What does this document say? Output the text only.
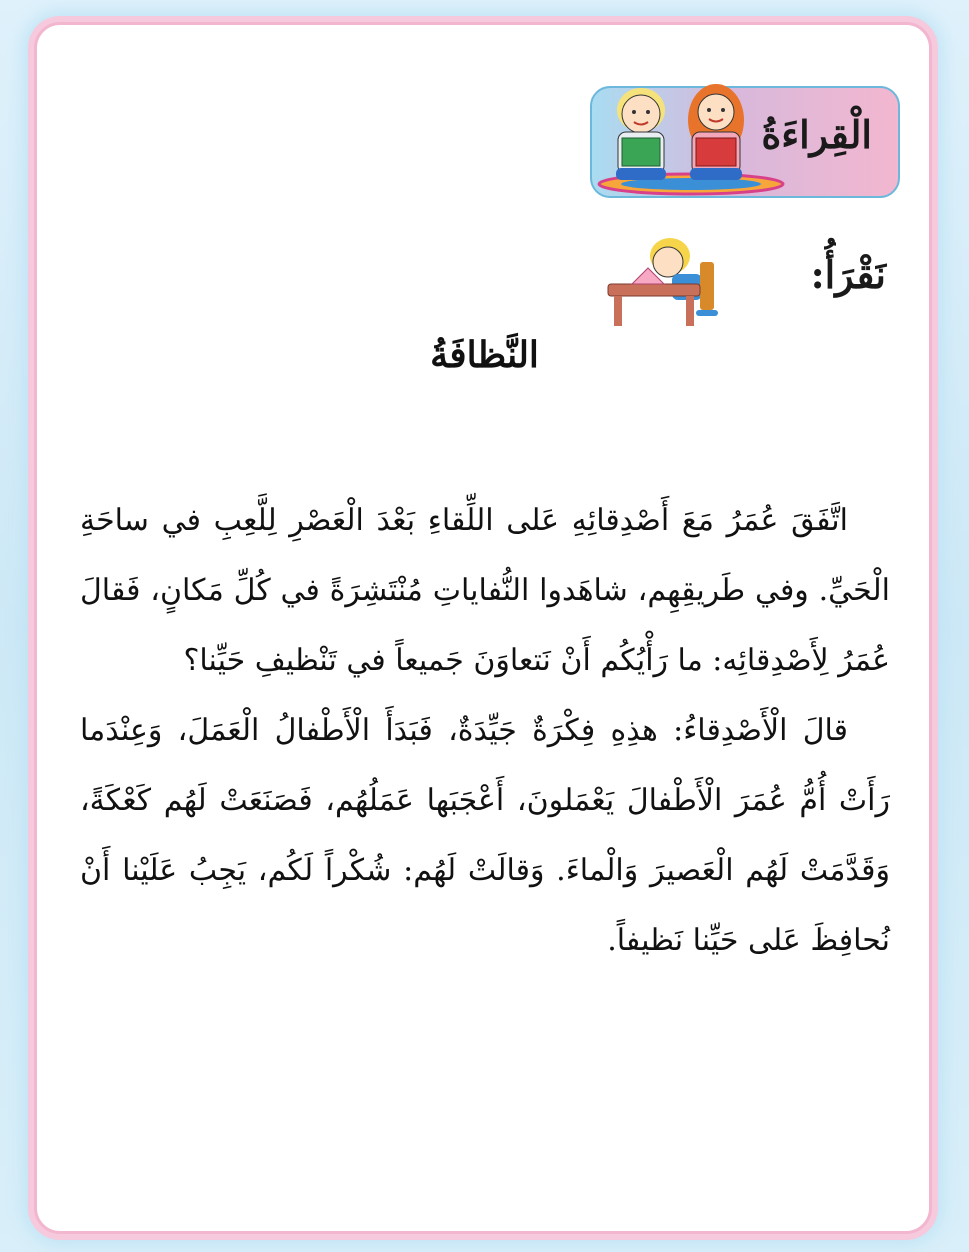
الْقِراءَةُ
نَقْرَأُ:
النَّظافَةُ

اتَّفَقَ عُمَرُ مَعَ أَصْدِقائِهِ عَلى اللِّقاءِ بَعْدَ الْعَصْرِ لِلَّعِبِ في ساحَةِ الْحَيِّ. وفي طَريقِهِم، شاهَدوا النُّفاياتِ مُنْتَشِرَةً في كُلِّ مَكانٍ، فَقالَ عُمَرُ لِأَصْدِقائِه: ما رَأْيُكُم أَنْ نَتعاوَنَ جَميعاً في تَنْظيفِ حَيِّنا؟

قالَ الْأَصْدِقاءُ: هذِهِ فِكْرَةٌ جَيِّدَةٌ، فَبَدَأَ الْأَطْفالُ الْعَمَلَ، وَعِنْدَما رَأَتْ أُمُّ عُمَرَ الْأَطْفالَ يَعْمَلونَ، أَعْجَبَها عَمَلُهُم، فَصَنَعَتْ لَهُم كَعْكَةً، وَقَدَّمَتْ لَهُم الْعَصيرَ وَالْماءَ. وَقالَتْ لَهُم: شُكْراً لَكُم، يَجِبُ عَلَيْنا أَنْ نُحافِظَ عَلى حَيِّنا نَظيفاً.
